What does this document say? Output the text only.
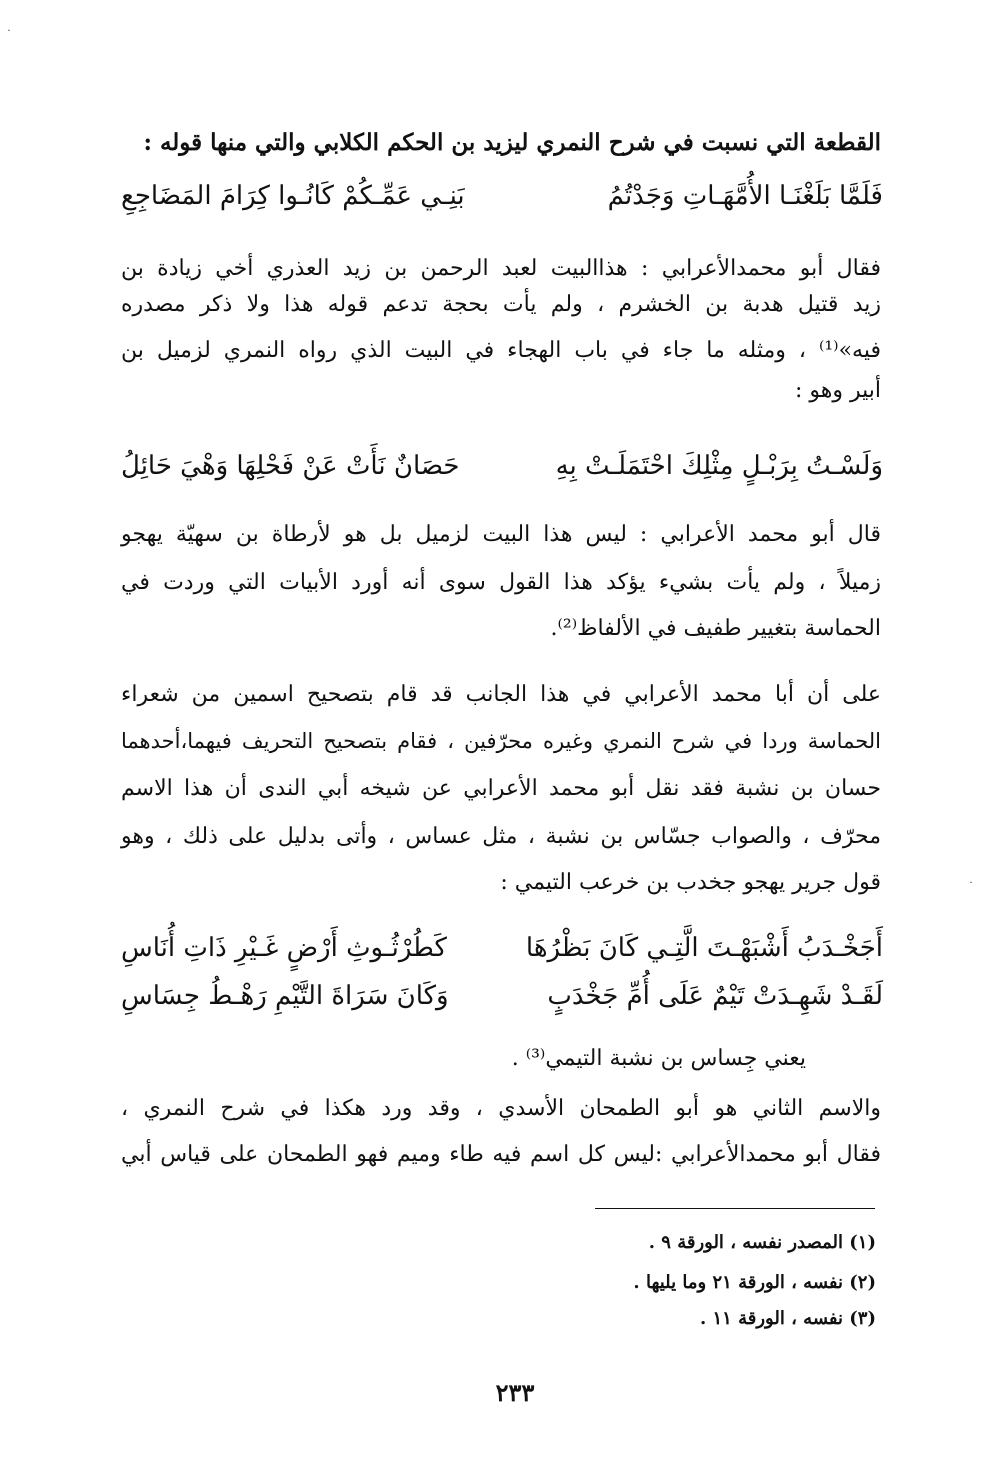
˙
˙
القطعة التي نسبت في شرح النمري ليزيد بن الحكم الكلابي والتي منها قوله :
فَلَمَّا بَلَغْنَـا الأُمَّهَـاتِ وَجَدْتُمُ
بَنِـي عَمِّـكُمْ كَانُـوا كِرَامَ المَضَاجِعِ
فقال أبو محمدالأعرابي : هذاالبيت لعبد الرحمن بن زيد العذري أخي زيادة بن
زيد قتيل هدبة بن الخشرم ، ولم يأت بحجة تدعم قوله هذا ولا ذكر مصدره
فيه»⁽¹⁾ ، ومثله ما جاء في باب الهجاء في البيت الذي رواه النمري لزميل بن
أبير وهو :
وَلَسْـتُ بِرَبْـلٍ مِثْلِكَ احْتَمَلَـتْ بِهِ
حَصَانٌ نَأَتْ عَنْ فَحْلِهَا وَهْيَ حَائِلُ
قال أبو محمد الأعرابي : ليس هذا البيت لزميل بل هو لأرطاة بن سهيّة يهجو
زميلاً ، ولم يأت بشيء يؤكد هذا القول سوى أنه أورد الأبيات التي وردت في
الحماسة بتغيير طفيف في الألفاظ⁽²⁾.
على أن أبا محمد الأعرابي في هذا الجانب قد قام بتصحيح اسمين من شعراء
الحماسة وردا في شرح النمري وغيره محرّفين ، فقام بتصحيح التحريف فيهما،أحدهما
حسان بن نشبة فقد نقل أبو محمد الأعرابي عن شيخه أبي الندى أن هذا الاسم
محرّف ، والصواب جسّاس بن نشبة ، مثل عساس ، وأتى بدليل على ذلك ، وهو
قول جرير يهجو جخدب بن خرعب التيمي :
أَجَخْـدَبُ أَشْبَهْـتَ الَّتِـي كَانَ بَظْرُهَا
كَطُرْثُـوثِ أَرْضٍ غَـيْرِ ذَاتِ أُنَاسِ
لَقَـدْ شَهِـدَتْ تَيْمٌ عَلَى أُمِّ جَخْدَبٍ
وَكَانَ سَرَاةَ التَّيْمِ رَهْـطُ جِسَاسِ
يعني جِساس بن نشبة التيمي⁽³⁾ .
والاسم الثاني هو أبو الطمحان الأسدي ، وقد ورد هكذا في شرح النمري ،
فقال أبو محمدالأعرابي :ليس كل اسم فيه طاء وميم فهو الطمحان على قياس أبي
(١) المصدر نفسه ، الورقة ٩ .
(٢) نفسه ، الورقة ٢١ وما يليها .
(٣) نفسه ، الورقة ١١ .
٢٣٣
